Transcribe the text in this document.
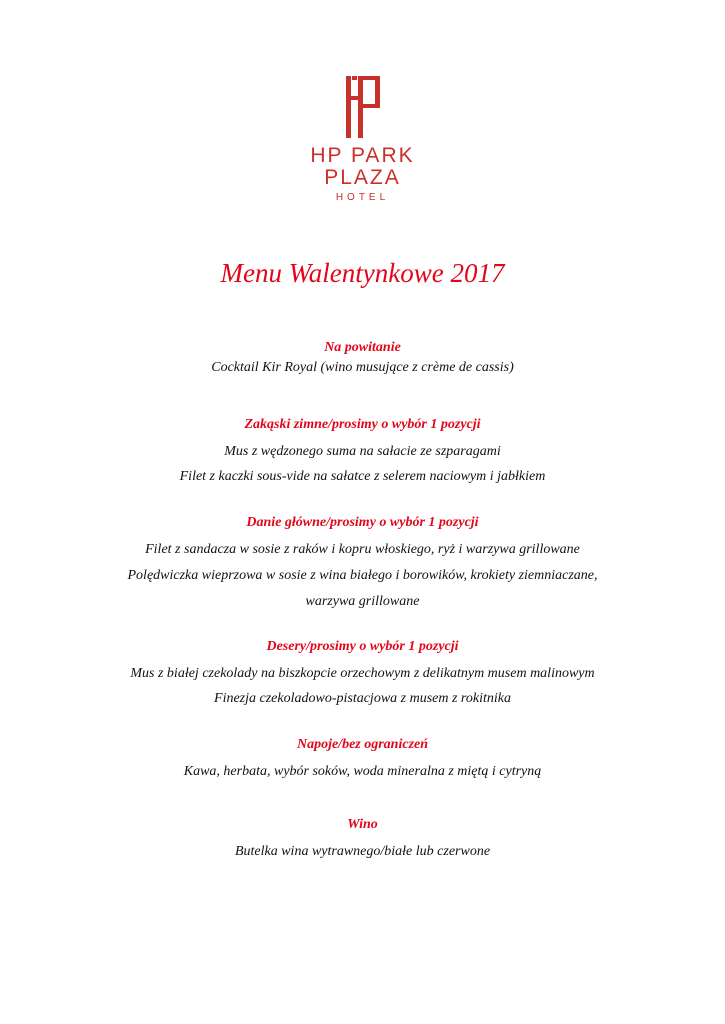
HP PARK
PLAZA
HOTEL
Menu Walentynkowe 2017
Na powitanie
Cocktail Kir Royal (wino musujące z crème de cassis)
Zakąski zimne/prosimy o wybór 1 pozycji
Mus z wędzonego suma na sałacie ze szparagami
Filet z kaczki sous-vide na sałatce z selerem naciowym i jabłkiem
Danie główne/prosimy o wybór 1 pozycji
Filet z sandacza w sosie z raków i kopru włoskiego, ryż i warzywa grillowane
Polędwiczka wieprzowa w sosie z wina białego i borowików, krokiety ziemniaczane,
warzywa grillowane
Desery/prosimy o wybór 1 pozycji
Mus z białej czekolady na biszkopcie orzechowym z delikatnym musem malinowym
Finezja czekoladowo-pistacjowa z musem z rokitnika
Napoje/bez ograniczeń
Kawa, herbata, wybór soków, woda mineralna z miętą i cytryną
Wino
Butelka wina wytrawnego/białe lub czerwone
